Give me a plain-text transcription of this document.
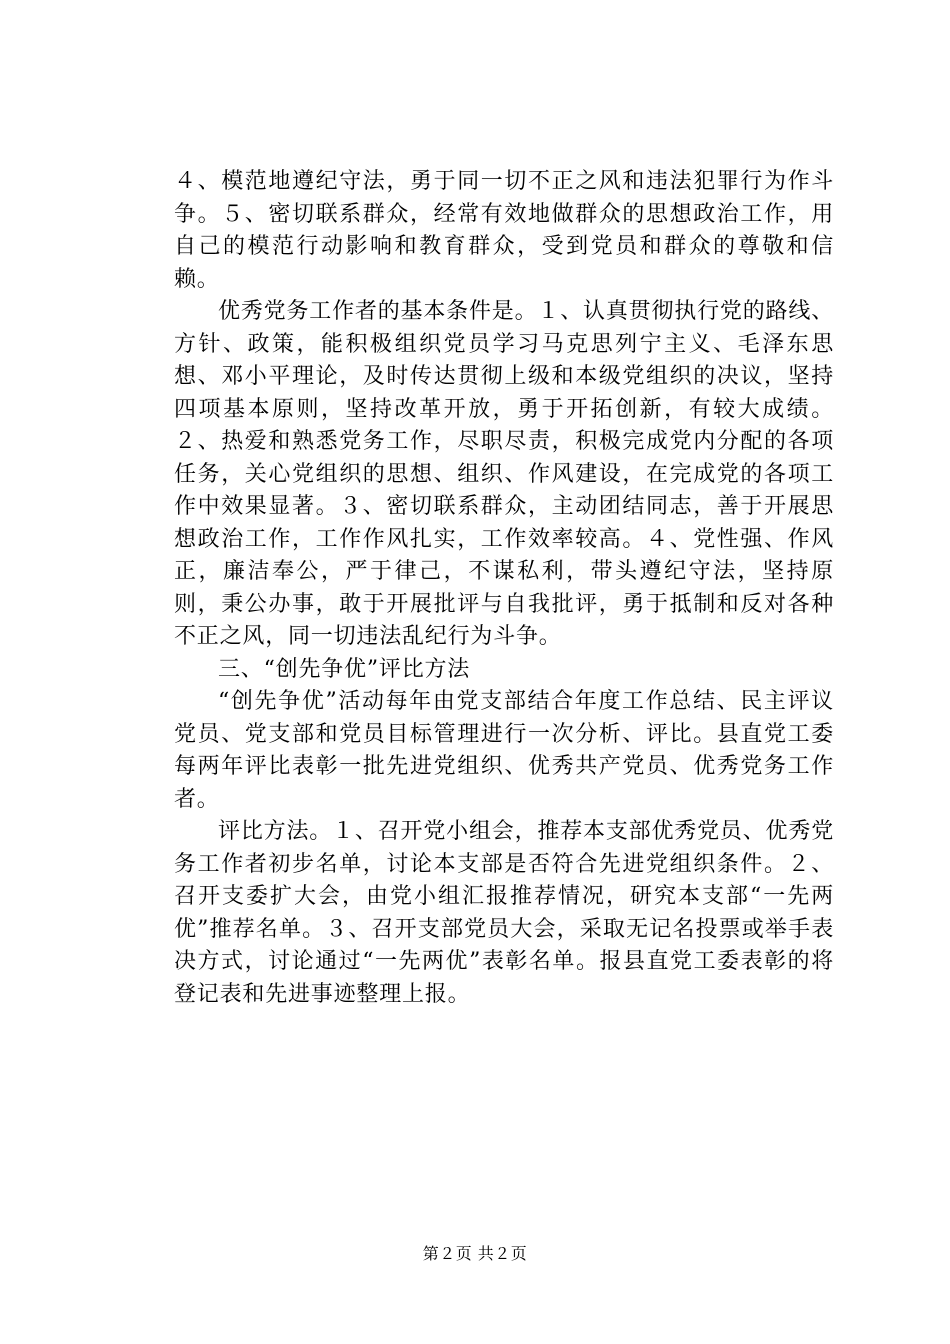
４、模范地遵纪守法，勇于同一切不正之风和违法犯罪行为作斗争。５、密切联系群众，经常有效地做群众的思想政治工作，用自己的模范行动影响和教育群众，受到党员和群众的尊敬和信赖。

优秀党务工作者的基本条件是。１、认真贯彻执行党的路线、方针、政策，能积极组织党员学习马克思列宁主义、毛泽东思想、邓小平理论，及时传达贯彻上级和本级党组织的决议，坚持四项基本原则，坚持改革开放，勇于开拓创新，有较大成绩。２、热爱和熟悉党务工作，尽职尽责，积极完成党内分配的各项任务，关心党组织的思想、组织、作风建设，在完成党的各项工作中效果显著。３、密切联系群众，主动团结同志，善于开展思想政治工作，工作作风扎实，工作效率较高。４、党性强、作风正，廉洁奉公，严于律己，不谋私利，带头遵纪守法，坚持原则，秉公办事，敢于开展批评与自我批评，勇于抵制和反对各种不正之风，同一切违法乱纪行为斗争。

三、“创先争优”评比方法

“创先争优”活动每年由党支部结合年度工作总结、民主评议党员、党支部和党员目标管理进行一次分析、评比。县直党工委每两年评比表彰一批先进党组织、优秀共产党员、优秀党务工作者。

评比方法。１、召开党小组会，推荐本支部优秀党员、优秀党务工作者初步名单，讨论本支部是否符合先进党组织条件。２、召开支委扩大会，由党小组汇报推荐情况，研究本支部“一先两优”推荐名单。３、召开支部党员大会，采取无记名投票或举手表决方式，讨论通过“一先两优”表彰名单。报县直党工委表彰的将登记表和先进事迹整理上报。

第２页 共２页
